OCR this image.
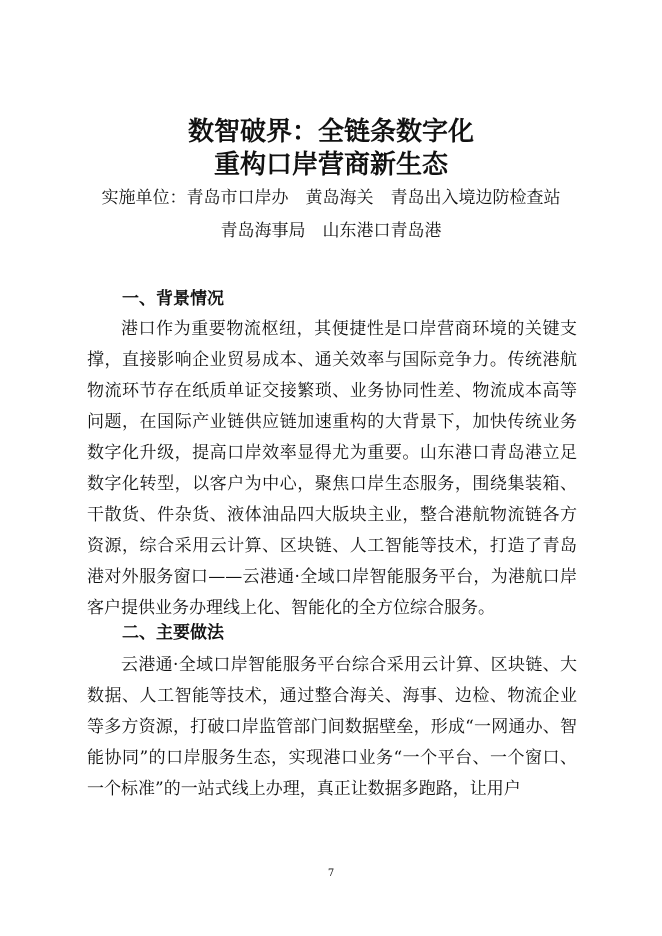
数智破界：全链条数字化
重构口岸营商新生态
实施单位：青岛市口岸办　黄岛海关　青岛出入境边防检查站
青岛海事局　山东港口青岛港
一、背景情况

港口作为重要物流枢纽，其便捷性是口岸营商环境的关键支撑，直接影响企业贸易成本、通关效率与国际竞争力。传统港航物流环节存在纸质单证交接繁琐、业务协同性差、物流成本高等问题，在国际产业链供应链加速重构的大背景下，加快传统业务数字化升级，提高口岸效率显得尤为重要。山东港口青岛港立足数字化转型，以客户为中心，聚焦口岸生态服务，围绕集装箱、干散货、件杂货、液体油品四大版块主业，整合港航物流链各方资源，综合采用云计算、区块链、人工智能等技术，打造了青岛港对外服务窗口——云港通·全域口岸智能服务平台，为港航口岸客户提供业务办理线上化、智能化的全方位综合服务。

二、主要做法

云港通·全域口岸智能服务平台综合采用云计算、区块链、大数据、人工智能等技术，通过整合海关、海事、边检、物流企业等多方资源，打破口岸监管部门间数据壁垒，形成“一网通办、智能协同”的口岸服务生态，实现港口业务“一个平台、一个窗口、一个标准”的一站式线上办理，真正让数据多跑路，让用户

7
